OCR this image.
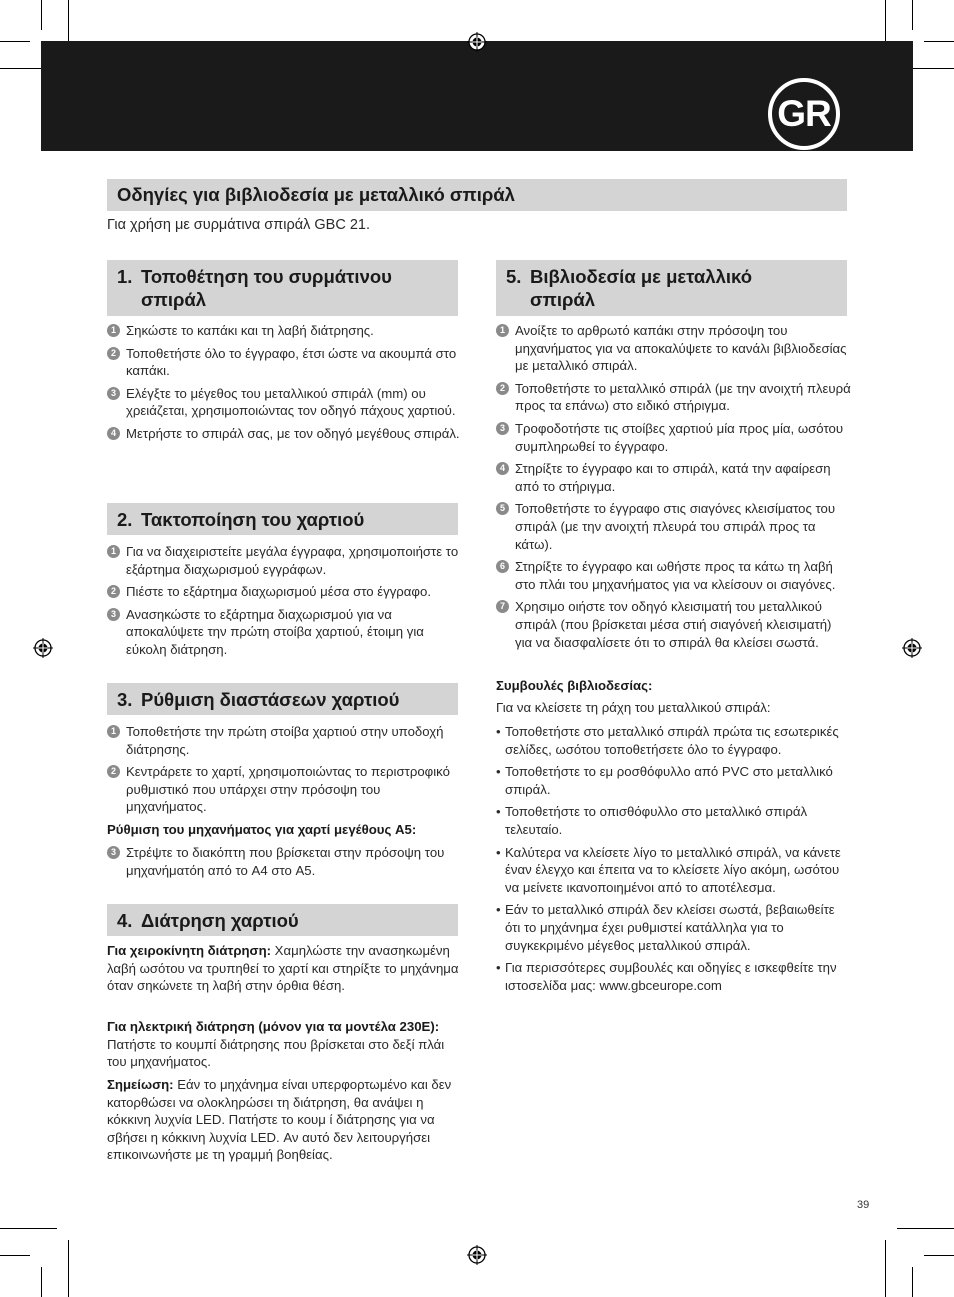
GR
Οδηγίες για βιβλιοδεσία με μεταλλικό σπιράλ
Για χρήση με συρμάτινα σπιράλ GBC 21.
1. Τοποθέτηση του συρμάτινου
σπιράλ
1 Σηκώστε το καπάκι και τη λαβή διάτρησης.
2 Τοποθετήστε όλο το έγγραφο, έτσι ώστε να ακουμπά στο καπάκι.
3 Ελέγξτε το μέγεθος του μεταλλικού σπιράλ (mm) ου χρειάζεται, χρησιμοποιώντας τον οδηγό πάχους χαρτιού.
4 Μετρήστε το σπιράλ σας, με τον οδηγό μεγέθους σπιράλ.
2. Τακτοποίηση του χαρτιού
1 Για να διαχειριστείτε μεγάλα έγγραφα, χρησιμοποιήστε το εξάρτημα διαχωρισμού εγγράφων.
2 Πιέστε το εξάρτημα διαχωρισμού μέσα στο έγγραφο.
3 Ανασηκώστε το εξάρτημα διαχωρισμού για να αποκαλύψετε την πρώτη στοίβα χαρτιού, έτοιμη για εύκολη διάτρηση.
3. Ρύθμιση διαστάσεων χαρτιού
1 Τοποθετήστε την πρώτη στοίβα χαρτιού στην υποδοχή διάτρησης.
2 Κεντράρετε το χαρτί, χρησιμοποιώντας το περιστροφικό ρυθμιστικό που υπάρχει στην πρόσοψη του μηχανήματος.

Ρύθμιση του μηχανήματος για χαρτί μεγέθους A5:

3 Στρέψτε το διακόπτη που βρίσκεται στην πρόσοψη του μηχανήματόη από το A4 στο A5.
4. Διάτρηση χαρτιού

Για χειροκίνητη διάτρηση: Χαμηλώστε την ανασηκωμένη λαβή ωσότου να τρυπηθεί το χαρτί και στηρίξτε το μηχάνημα όταν σηκώνετε τη λαβή στην όρθια θέση.

Για ηλεκτρική διάτρηση (μόνον για τα μοντέλα 230E): Πατήστε το κουμπί διάτρησης που βρίσκεται στο δεξί πλάι του μηχανήματος.

Σημείωση: Εάν το μηχάνημα είναι υπερφορτωμένο και δεν κατορθώσει να ολοκληρώσει τη διάτρηση, θα ανάψει η κόκκινη λυχνία LED. Πατήστε το κουμ ί διάτρησης για να σβήσει η κόκκινη λυχνία LED. Αν αυτό δεν λειτουργήσει επικοινωνήστε με τη γραμμή βοηθείας.

5. Βιβλιοδεσία με μεταλλικό
σπιράλ
1 Ανοίξτε το αρθρωτό καπάκι στην πρόσοψη του μηχανήματος για να αποκαλύψετε το κανάλι βιβλιοδεσίας με μεταλλικό σπιράλ.
2 Τοποθετήστε το μεταλλικό σπιράλ (με την ανοιχτή πλευρά προς τα επάνω) στο ειδικό στήριγμα.
3 Τροφοδοτήστε τις στοίβες χαρτιού μία προς μία, ωσότου συμπληρωθεί το έγγραφο.
4 Στηρίξτε το έγγραφο και το σπιράλ, κατά την αφαίρεση από το στήριγμα.
5 Τοποθετήστε το έγγραφο στις σιαγόνες κλεισίματος του σπιράλ (με την ανοιχτή πλευρά του σπιράλ προς τα κάτω).
6 Στηρίξτε το έγγραφο και ωθήστε προς τα κάτω τη λαβή στο πλάι του μηχανήματος για να κλείσουν οι σιαγόνες.
7 Χρησιμο οιήστε τον οδηγό κλεισιματή του μεταλλικού σπιράλ (που βρίσκεται μέσα στιή σιαγόνεή κλεισιματή) για να διασφαλίσετε ότι το σπιράλ θα κλείσει σωστά.

Συμβουλές βιβλιοδεσίας:

Για να κλείσετε τη ράχη του μεταλλικού σπιράλ:

• Τοποθετήστε στο μεταλλικό σπιράλ πρώτα τις εσωτερικές σελίδες, ωσότου τοποθετήσετε όλο το έγγραφο.
• Τοποθετήστε το εμ ροσθόφυλλο από PVC στο μεταλλικό σπιράλ.
• Τοποθετήστε το οπισθόφυλλο στο μεταλλικό σπιράλ τελευταίο.
• Καλύτερα να κλείσετε λίγο το μεταλλικό σπιράλ, να κάνετε έναν έλεγχο και έπειτα να το κλείσετε λίγο ακόμη, ωσότου να μείνετε ικανοποιημένοι από το αποτέλεσμα.
• Εάν το μεταλλικό σπιράλ δεν κλείσει σωστά, βεβαιωθείτε ότι το μηχάνημα έχει ρυθμιστεί κατάλληλα για το συγκεκριμένο μέγεθος μεταλλικού σπιράλ.
• Για περισσότερες συμβουλές και οδηγίες ε ισκεφθείτε την ιστοσελίδα μας: www.gbceurope.com
39
